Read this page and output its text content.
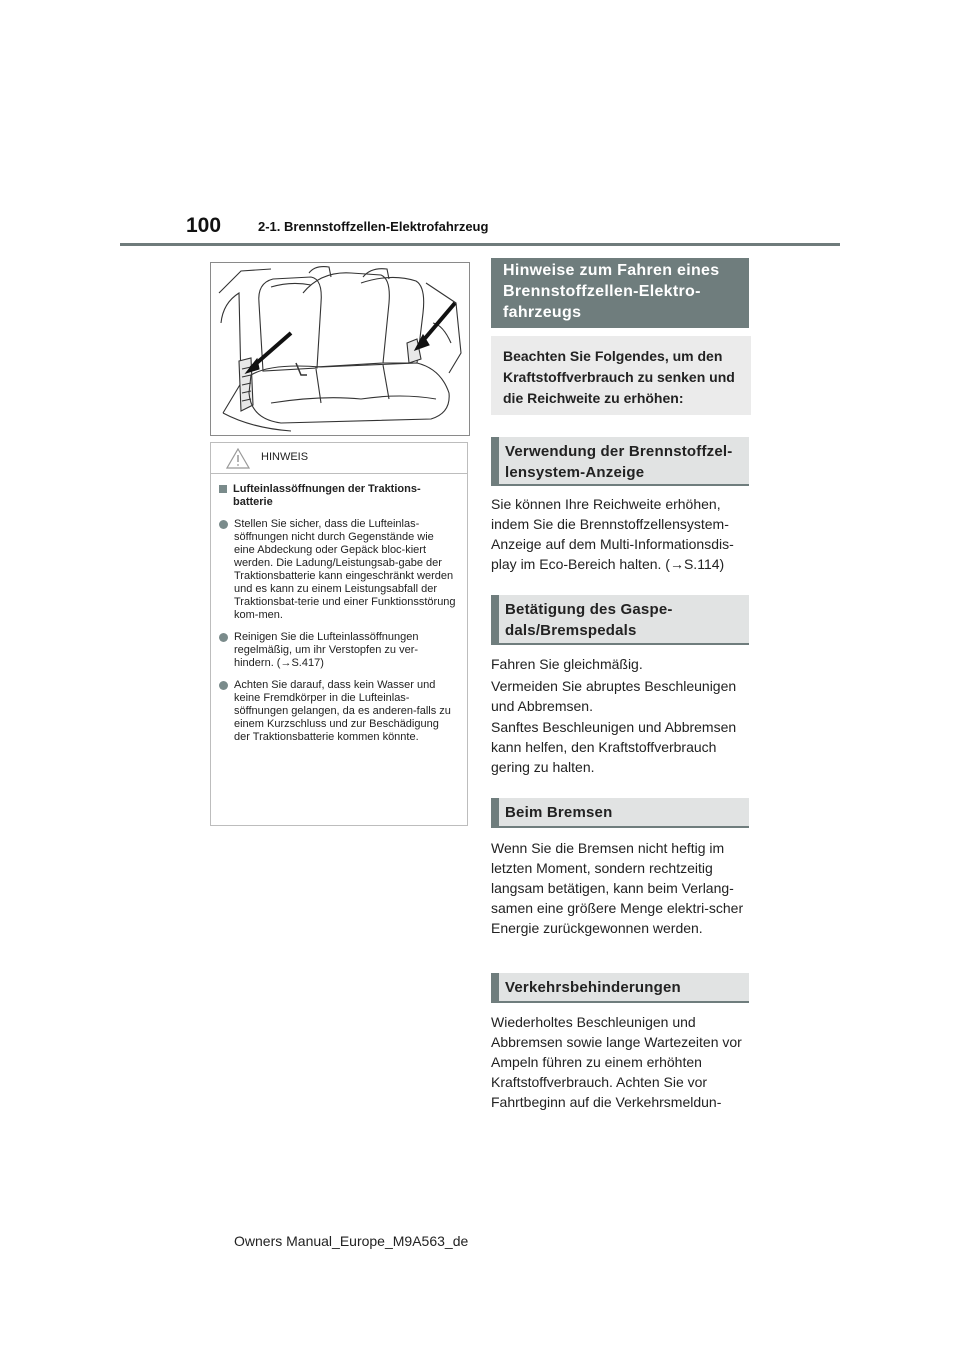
100	2-1. Brennstoffzellen-Elektrofahrzeug
HINWEIS
Lufteinlassöffnungen der Traktions-batterie
Stellen Sie sicher, dass die Lufteinlas-söffnungen nicht durch Gegenstände wie eine Abdeckung oder Gepäck bloc-kiert werden. Die Ladung/Leistungsab-gabe der Traktionsbatterie kann eingeschränkt werden und es kann zu einem Leistungsabfall der Traktionsbat-terie und einer Funktionsstörung kom-men.
Reinigen Sie die Lufteinlassöffnungen regelmäßig, um ihr Verstopfen zu ver-hindern. (→S.417)
Achten Sie darauf, dass kein Wasser und keine Fremdkörper in die Lufteinlas-söffnungen gelangen, da es anderen-falls zu einem Kurzschluss und zur Beschädigung der Traktionsbatterie kommen könnte.
Hinweise zum Fahren eines Brennstoffzellen-Elektro-fahrzeugs
Beachten Sie Folgendes, um den Kraftstoffverbrauch zu senken und die Reichweite zu erhöhen:
Verwendung der Brennstoffzel-lensystem-Anzeige
Sie können Ihre Reichweite erhöhen, indem Sie die Brennstoffzellensystem-Anzeige auf dem Multi-Informationsdis-play im Eco-Bereich halten. (→S.114)
Betätigung des Gaspe-dals/Bremspedals
Fahren Sie gleichmäßig.
Vermeiden Sie abruptes Beschleunigen und Abbremsen.
Sanftes Beschleunigen und Abbremsen kann helfen, den Kraftstoffverbrauch gering zu halten.
Beim Bremsen
Wenn Sie die Bremsen nicht heftig im letzten Moment, sondern rechtzeitig langsam betätigen, kann beim Verlang-samen eine größere Menge elektri-scher Energie zurückgewonnen werden.
Verkehrsbehinderungen
Wiederholtes Beschleunigen und Abbremsen sowie lange Wartezeiten vor Ampeln führen zu einem erhöhten Kraftstoffverbrauch. Achten Sie vor Fahrtbeginn auf die Verkehrsmeldun-
Owners Manual_Europe_M9A563_de
